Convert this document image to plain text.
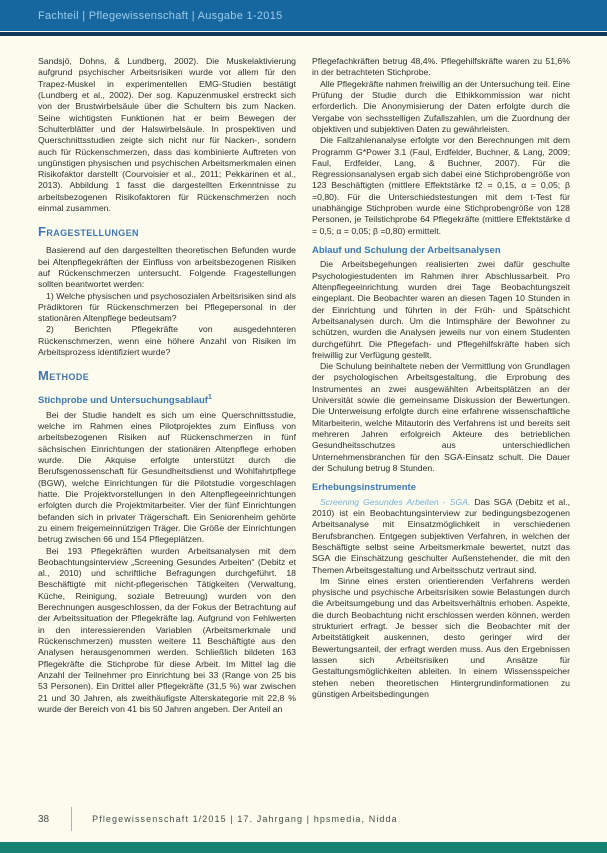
Fachteil | Pflegewissenschaft | Ausgabe 1-2015

Sandsjö, Dohns, & Lundberg, 2002). Die Muskelaktivierung aufgrund psychischer Arbeitsrisiken wurde vor allem für den Trapez-Muskel in experimentellen EMG-Studien bestätigt (Lundberg et al., 2002). Der sog. Kapuzenmuskel erstreckt sich von der Brustwirbelsäule über die Schultern bis zum Nacken. Seine wichtigsten Funktionen hat er beim Bewegen der Schulterblätter und der Halswirbelsäule. In prospektiven und Querschnittsstudien zeigte sich nicht nur für Nacken-, sondern auch für Rückenschmerzen, dass das kombinierte Auftreten von ungünstigen physischen und psychischen Arbeitsmerkmalen einen Risikofaktor darstellt (Courvoisier et al., 2011; Pekkarinen et al., 2013). Abbildung 1 fasst die dargestellten Erkenntnisse zu arbeitsbezogenen Risikofaktoren für Rückenschmerzen noch einmal zusammen.

Fragestellungen

Basierend auf den dargestellten theoretischen Befunden wurde bei Altenpflegekräften der Einfluss von arbeitsbezogenen Risiken auf Rückenschmerzen untersucht. Folgende Fragestellungen sollten beantwortet werden:

1) Welche physischen und psychosozialen Arbeitsrisiken sind als Prädiktoren für Rückenschmerzen bei Pflegepersonal in der stationären Altenpflege bedeutsam?

2) Berichten Pflegekräfte von ausgedehnteren Rückenschmerzen, wenn eine höhere Anzahl von Risiken im Arbeitsprozess identifiziert wurde?

Methode
Stichprobe und Untersuchungsablauf$^1$

Bei der Studie handelt es sich um eine Querschnittsstudie, welche im Rahmen eines Pilotprojektes zum Einfluss von arbeitsbezogenen Risiken auf Rückenschmerzen in fünf sächsischen Einrichtungen der stationären Altenpflege erhoben wurde. Die Akquise erfolgte unterstützt durch die Berufsgenossenschaft für Gesundheitsdienst und Wohlfahrtpflege (BGW), welche Einrichtungen für die Pilotstudie vorgeschlagen hatte. Die Projektvorstellungen in den Altenpflegeeinrichtungen erfolgten durch die Projektmitarbeiter. Vier der fünf Einrichtungen befanden sich in privater Trägerschaft. Ein Seniorenheim gehörte zu einem freigemeinnützigen Träger. Die Größe der Einrichtungen betrug zwischen 66 und 154 Pflegeplätzen.

Bei 193 Pflegekräften wurden Arbeitsanalysen mit dem Beobachtungsinterview „Screening Gesundes Arbeiten“ (Debitz et al., 2010) und schriftliche Befragungen durchgeführt. 18 Beschäftigte mit nicht-pflegerischen Tätigkeiten (Verwaltung, Küche, Reinigung, soziale Betreuung) wurden von den Berechnungen ausgeschlossen, da der Fokus der Betrachtung auf der Arbeitssituation der Pflegekräfte lag. Aufgrund von Fehlwerten in den interessierenden Variablen (Arbeitsmerkmale und Rückenschmerzen) mussten weitere 11 Beschäftigte aus den Analysen herausgenommen werden. Schließlich bildeten 163 Pflegekräfte die Stichprobe für diese Arbeit. Im Mittel lag die Anzahl der Teilnehmer pro Einrichtung bei 33 (Range von 25 bis 53 Personen). Ein Drittel aller Pflegekräfte (31,5 %) war zwischen 21 und 30 Jahren, als zweithäufigste Alterskategorie mit 22,8 % wurde der Bereich von 41 bis 50 Jahren angeben. Der Anteil an

Pflegefachkräften betrug 48,4%. Pflegehilfskräfte waren zu 51,6% in der betrachteten Stichprobe.

Alle Pflegekräfte nahmen freiwillig an der Untersuchung teil. Eine Prüfung der Studie durch die Ethikkommission war nicht erforderlich. Die Anonymisierung der Daten erfolgte durch die Vergabe von sechsstelligen Zufallszahlen, um die Zuordnung der objektiven und subjektiven Daten zu gewährleisten.

Die Fallzahlenanalyse erfolgte vor den Berechnungen mit dem Programm G*Power 3.1 (Faul, Erdfelder, Buchner, & Lang, 2009; Faul, Erdfelder, Lang, & Buchner, 2007). Für die Regressionsanalysen ergab sich dabei eine Stichprobengröße von 123 Beschäftigten (mittlere Effektstärke f2 = 0,15, α = 0,05; β =0,80). Für die Unterschiedstestungen mit dem t-Test für unabhängige Stichproben wurde eine Stichprobengröße von 128 Personen, je Teilstichprobe 64 Pflegekräfte (mittlere Effektstärke d = 0,5; α = 0,05; β =0,80) ermittelt.

Ablauf und Schulung der Arbeitsanalysen

Die Arbeitsbegehungen realisierten zwei dafür geschulte Psychologiestudenten im Rahmen ihrer Abschlussarbeit. Pro Altenpflegeeinrichtung wurden drei Tage Beobachtungszeit eingeplant. Die Beobachter waren an diesen Tagen 10 Stunden in der Einrichtung und führten in der Früh- und Spätschicht Arbeitsanalysen durch. Um die Intimsphäre der Bewohner zu schützen, wurden die Analysen jeweils nur von einem Studenten durchgeführt. Die Pflegefach- und Pflegehilfskräfte haben sich freiwillig zur Verfügung gestellt.

Die Schulung beinhaltete neben der Vermittlung von Grundlagen der psychologischen Arbeitsgestaltung, die Erprobung des Instrumentes an zwei ausgewählten Arbeitsplätzen an der Universität sowie die gemeinsame Diskussion der Bewertungen. Die Unterweisung erfolgte durch eine erfahrene wissenschaftliche Mitarbeiterin, welche Mitautorin des Verfahrens ist und bereits seit mehreren Jahren erfolgreich Akteure des betrieblichen Gesundheitsschutzes aus unterschiedlichen Unternehmensbranchen für den SGA-Einsatz schult. Die Dauer der Schulung betrug 8 Stunden.

Erhebungsinstrumente

Screening Gesundes Arbeiten - SGA. Das SGA (Debitz et al., 2010) ist ein Beobachtungsinterview zur bedingungsbezogenen Arbeitsanalyse mit Einsatzmöglichkeit in verschiedenen Berufsbranchen. Entgegen subjektiven Verfahren, in welchen der Beschäftigte selbst seine Arbeitsmerkmale bewertet, nutzt das SGA die Einschätzung geschulter Außenstehender, die mit den Themen Arbeitsgestaltung und Arbeitsschutz vertraut sind.

Im Sinne eines ersten orientierenden Verfahrens werden physische und psychische Arbeitsrisiken sowie Belastungen durch die Arbeitsumgebung und das Arbeitsverhältnis erhoben. Aspekte, die durch Beobachtung nicht erschlossen werden können, werden strukturiert erfragt. Je besser sich die Beobachter mit der Arbeitstätigkeit auskennen, desto geringer wird der Bewertungsanteil, der erfragt werden muss. Aus den Ergebnissen lassen sich Arbeitsrisiken und Ansätze für Gestaltungsmöglichkeiten ableiten. In einem Wissensspeicher stehen neben theoretischen Hintergrundinformationen zu günstigen Arbeitsbedingungen

38	Pflegewissenschaft 1/2015 | 17. Jahrgang | hpsmedia, Nidda
